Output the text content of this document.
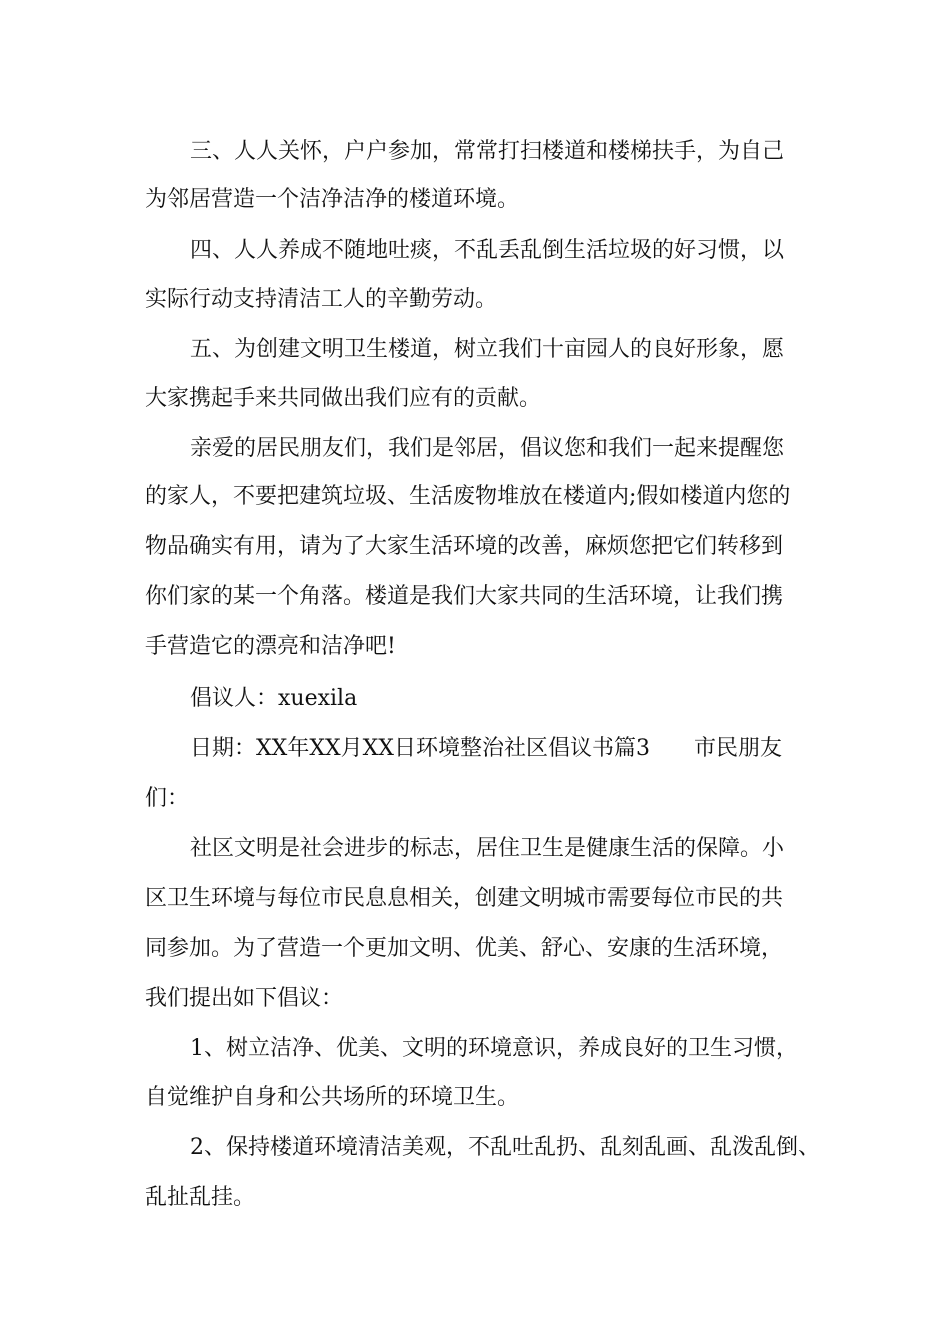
三、人人关怀，户户参加，常常打扫楼道和楼梯扶手，为自己
为邻居营造一个洁净洁净的楼道环境。
四、人人养成不随地吐痰，不乱丢乱倒生活垃圾的好习惯，以
实际行动支持清洁工人的辛勤劳动。
五、为创建文明卫生楼道，树立我们十亩园人的良好形象，愿
大家携起手来共同做出我们应有的贡献。
亲爱的居民朋友们，我们是邻居，倡议您和我们一起来提醒您
的家人，不要把建筑垃圾、生活废物堆放在楼道内;假如楼道内您的
物品确实有用，请为了大家生活环境的改善，麻烦您把它们转移到
你们家的某一个角落。楼道是我们大家共同的生活环境，让我们携
手营造它的漂亮和洁净吧!
倡议人：xuexila
日期：XX年XX月XX日环境整治社区倡议书篇3　　市民朋友
们：
社区文明是社会进步的标志，居住卫生是健康生活的保障。小
区卫生环境与每位市民息息相关，创建文明城市需要每位市民的共
同参加。为了营造一个更加文明、优美、舒心、安康的生活环境，
我们提出如下倡议：
1、树立洁净、优美、文明的环境意识，养成良好的卫生习惯，
自觉维护自身和公共场所的环境卫生。
2、保持楼道环境清洁美观，不乱吐乱扔、乱刻乱画、乱泼乱倒、
乱扯乱挂。
